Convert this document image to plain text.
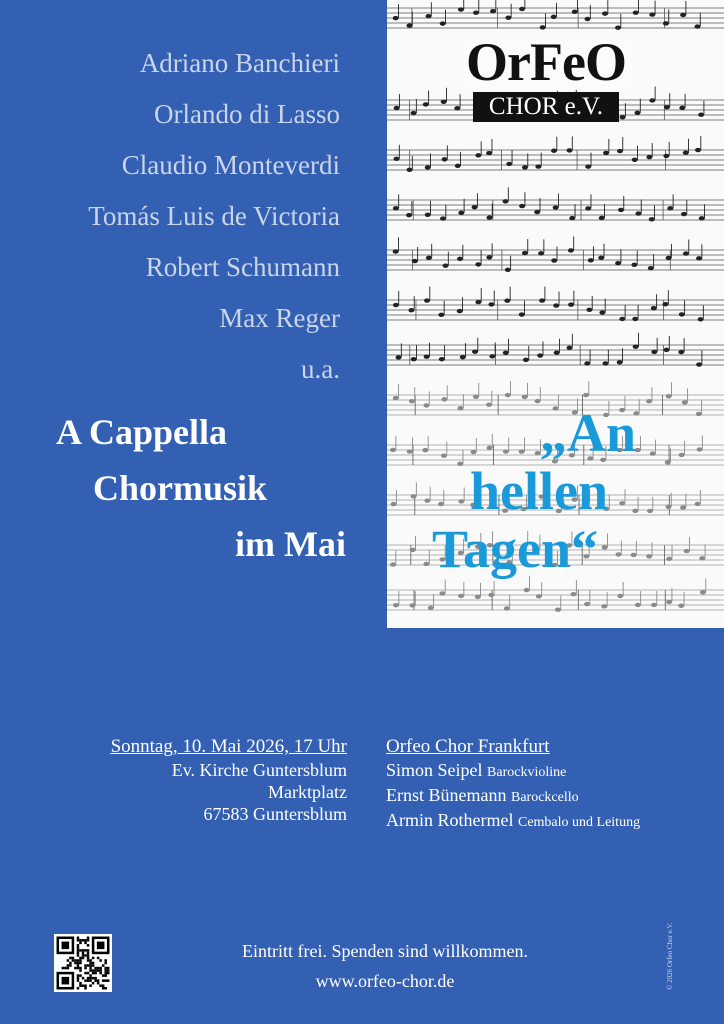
Adriano Banchieri
Orlando di Lasso
Claudio Monteverdi
Tomás Luis de Victoria
Robert Schumann
Max Reger
u.a.
A Cappella
Chormusik
im Mai
OrFeO
CHOR e.V.
„An
hellen
Tagen“
Sonntag, 10. Mai 2026, 17 Uhr
Ev. Kirche Guntersblum
Marktplatz
67583 Guntersblum
Orfeo Chor Frankfurt
Simon Seipel Barockvioline
Ernst Bünemann Barockcello
Armin Rothermel Cembalo und Leitung
Eintritt frei. Spenden sind willkommen.
www.orfeo-chor.de	© 2026 Orfeo Chor e.V.
